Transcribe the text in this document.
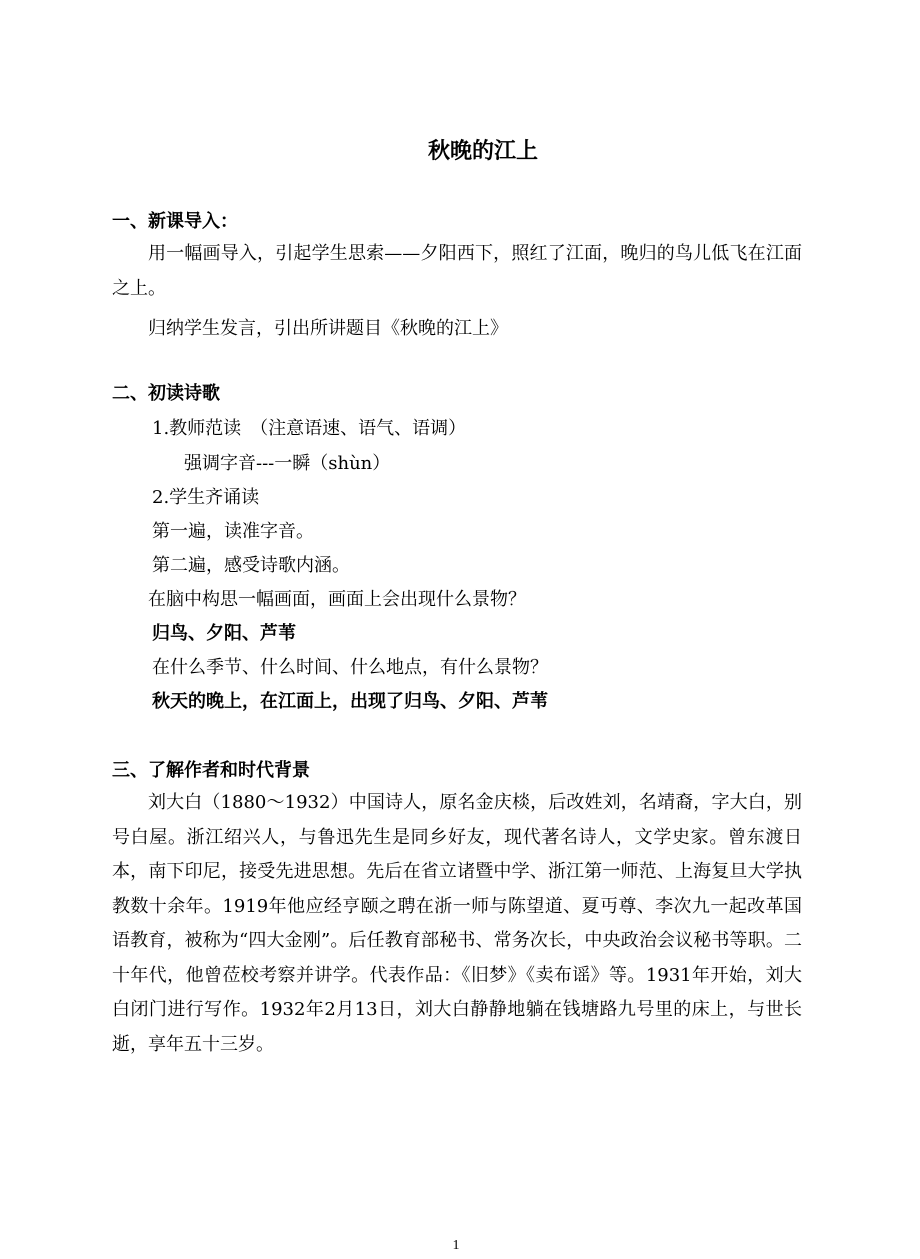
秋晚的江上
一、新课导入：

用一幅画导入，引起学生思索——夕阳西下，照红了江面，晚归的鸟儿低飞在江面之上。

归纳学生发言，引出所讲题目《秋晚的江上》
二、初读诗歌
1.教师范读　（注意语速、语气、语调）
强调字音---一瞬（shùn）
2.学生齐诵读
第一遍，读准字音。
第二遍，感受诗歌内涵。
在脑中构思一幅画面，画面上会出现什么景物？
归鸟、夕阳、芦苇
在什么季节、什么时间、什么地点，有什么景物？
秋天的晚上，在江面上，出现了归鸟、夕阳、芦苇
三、了解作者和时代背景

刘大白（1880～1932）中国诗人，原名金庆棪，后改姓刘，名靖裔，字大白，别号白屋。浙江绍兴人，与鲁迅先生是同乡好友，现代著名诗人，文学史家。曾东渡日本，南下印尼，接受先进思想。先后在省立诸暨中学、浙江第一师范、上海复旦大学执教数十余年。1919年他应经亨颐之聘在浙一师与陈望道、夏丏尊、李次九一起改革国语教育，被称为“四大金刚”。后任教育部秘书、常务次长，中央政治会议秘书等职。二十年代，他曾莅校考察并讲学。代表作品：《旧梦》《卖布谣》等。1931年开始，刘大白闭门进行写作。1932年2月13日，刘大白静静地躺在钱塘路九号里的床上，与世长逝，享年五十三岁。

1
